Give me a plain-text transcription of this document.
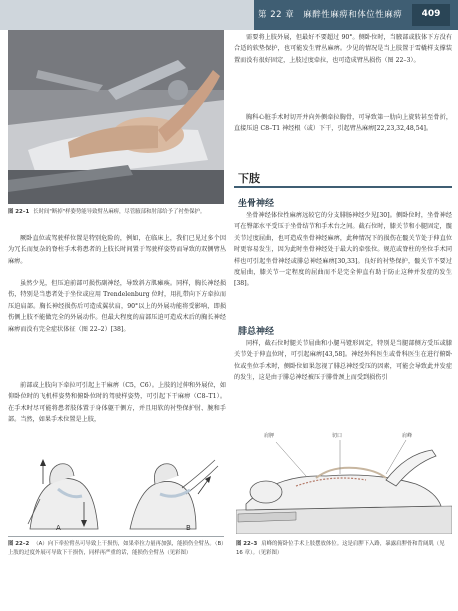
第 22 章　麻醉性麻痹和体位性麻痹	409
图 22–1 长时间"断掉"样姿势能导致臂丛麻痹，尽管腋部和肘部给予了衬垫保护。
厥卧直位或驾驶样位置是特别危险的，例如，在临床上，我们已见过多个因为冗长而复杂的脊柱手术将患者的上肢长时间置于驾驶样姿势而导致的双侧臂丛麻痹。
虽然少见，但压迫前部可损伤副神经，导致斜方肌瘫痪。同样，胸长神经损伤，特别是当患者处于坐位或应用 Trendelenburg 位时，用扎带向下方牵拉而压迫肩部。胸长神经损伤后可造成翼状肩，90°以上的外展功能将受影响，即损伤侧上肢不能做完全的外展动作。但最大程度的肩部压迫可造成术后的胸长神经麻痹而没有完全症状体征（图 22–2）[38]。
前部或上肢向下牵拉可引起上干麻痹（C5，C6）。上肢的过伸和外展位，如仰卧位时的飞机样姿势和俯卧位时的驾驶样姿势，可引起下干麻痹（C8–T1）。在手术时尽可能将患者肢体置于身体躯干侧方，并且用软的衬垫保护肘、腕和手部。当然，如果手术位置是上肢，
A	B
图 22–2 （A）向下牵拉臂丛可导致上干损伤，如果牵拉力量再加强，能损伤全臂丛。（B）上肢的过度外展可导致下干损伤，同样再严重的话，能损伤全臂丛（见彩图）
需要将上肢外展，但最好不要超过 90°。侧卧位时，当腋部或肢体下方没有合适的软垫保护，也可能发生臂丛麻痹。少见的情况是当上肢置于雪橇样支撑装置而没有很好固定，上肢过度牵拉，也可造成臂丛损伤（图 22–3）。
胸科心脏手术时切开并向外侧牵拉胸骨，可导致第一肋向上旋转甚至骨折，直接压迫 C8–T1 神经根（或）下干，引起臂丛麻痹[22,23,32,48,54]。
下肢
坐骨神经
坐骨神经体位性麻痹远较它的分支腓肠神经少见[30]。侧卧位时，坐骨神经可在臀部水平受压于坐骨结节和手术台之间。截石位时，膝关节和小腿固定，髋关节过度屈曲，也可造成坐骨神经麻痹，此种情况下的损伤在髋关节处于伸直位时更容易发生，因为此时坐骨神经处于最大的牵张位。规范或脊柱的坐位手术同样也可引起坐骨神经或腓总神经麻痹[30,33]。良好的衬垫保护，髋关节不要过度屈曲，膝关节一定程度的屈曲而不是完全伸直有助于防止这种并发症的发生[38]。
腓总神经
同样，截石位时腿关节屈曲和小腿马镫形固定，特别是当腿部侧方受压或膝关节处于伸直位时，可引起麻痹[43,58]。神经外科医生或骨科医生在进行俯卧位或坐位手术时，侧卧位如果忽视了腓总神经受压的因素，可能会导致此并发症的发生，这是由于腓总神经被压于腓骨颈上而受到损伤引
肩胛	切口	肩峰
图 22–3 肩峰的俯卧位手术上肢摆放体位。这是肩胛下入路，暴露肩胛骨和背阔肌（见 16 章）。（见彩图）
